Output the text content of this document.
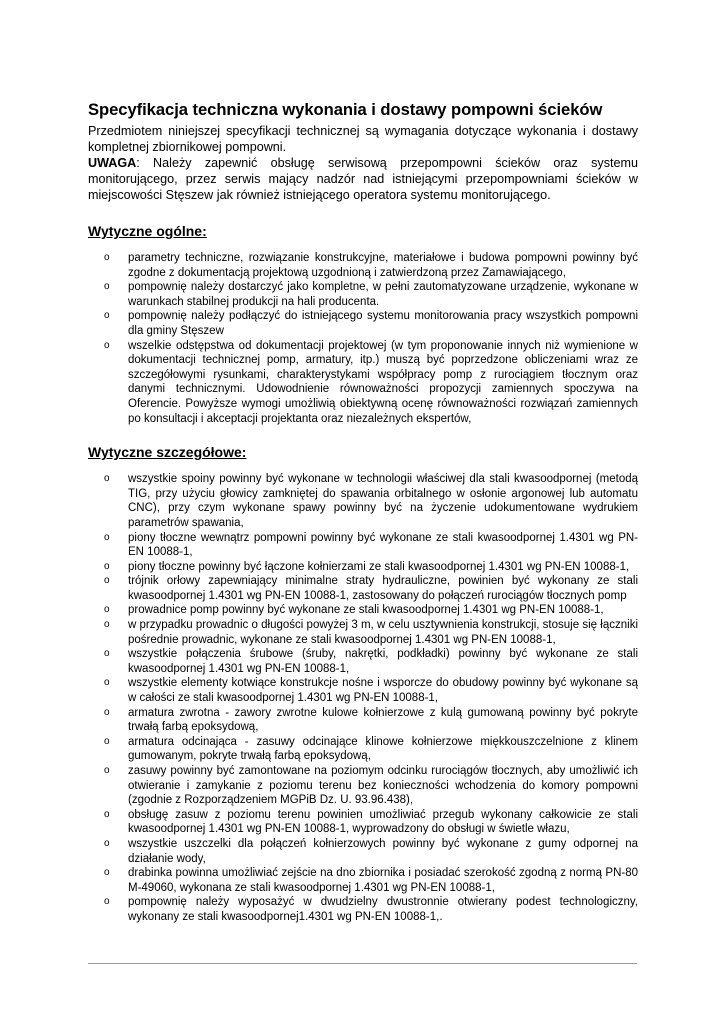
Specyfikacja techniczna wykonania i dostawy pompowni ścieków

Przedmiotem niniejszej specyfikacji technicznej są wymagania dotyczące wykonania i dostawy kompletnej zbiornikowej pompowni.

UWAGA: Należy zapewnić obsługę serwisową przepompowni ścieków oraz systemu monitorującego, przez serwis mający nadzór nad istniejącymi przepompowniami ścieków w miejscowości Stęszew jak również istniejącego operatora systemu monitorującego.

Wytyczne ogólne:
o parametry techniczne, rozwiązanie konstrukcyjne, materiałowe i budowa pompowni powinny być zgodne z dokumentacją projektową uzgodnioną i zatwierdzoną przez Zamawiającego,
o pompownię należy dostarczyć jako kompletne, w pełni zautomatyzowane urządzenie, wykonane w warunkach stabilnej produkcji na hali producenta.
o pompownię należy podłączyć do istniejącego systemu monitorowania pracy wszystkich pompowni dla gminy Stęszew
o wszelkie odstępstwa od dokumentacji projektowej (w tym proponowanie innych niż wymienione w dokumentacji technicznej pomp, armatury, itp.) muszą być poprzedzone obliczeniami wraz ze szczegółowymi rysunkami, charakterystykami współpracy pomp z rurociągiem tłocznym oraz danymi technicznymi. Udowodnienie równoważności propozycji zamiennych spoczywa na Oferencie. Powyższe wymogi umożliwią obiektywną ocenę równoważności rozwiązań zamiennych po konsultacji i akceptacji projektanta oraz niezależnych ekspertów,
Wytyczne szczegółowe:
o wszystkie spoiny powinny być wykonane w technologii właściwej dla stali kwasoodpornej (metodą TIG, przy użyciu głowicy zamkniętej do spawania orbitalnego w osłonie argonowej lub automatu CNC), przy czym wykonane spawy powinny być na życzenie udokumentowane wydrukiem parametrów spawania,
o piony tłoczne wewnątrz pompowni powinny być wykonane ze stali kwasoodpornej 1.4301 wg PN-EN 10088-1,
o piony tłoczne powinny być łączone kołnierzami ze stali kwasoodpornej 1.4301 wg PN-EN 10088-1,
o trójnik orłowy zapewniający minimalne straty hydrauliczne, powinien być wykonany ze stali kwasoodpornej 1.4301 wg PN-EN 10088-1, zastosowany do połączeń rurociągów tłocznych pomp
o prowadnice pomp powinny być wykonane ze stali kwasoodpornej 1.4301 wg PN-EN 10088-1,
o w przypadku prowadnic o długości powyżej 3 m, w celu usztywnienia konstrukcji, stosuje się łączniki pośrednie prowadnic, wykonane ze stali kwasoodpornej 1.4301 wg PN-EN 10088-1,
o wszystkie połączenia śrubowe (śruby, nakrętki, podkładki) powinny być wykonane ze stali kwasoodpornej 1.4301 wg PN-EN 10088-1,
o wszystkie elementy kotwiące konstrukcje nośne i wsporcze do obudowy powinny być wykonane są w całości ze stali kwasoodpornej 1.4301 wg PN-EN 10088-1,
o armatura zwrotna - zawory zwrotne kulowe kołnierzowe z kulą gumowaną powinny być pokryte trwałą farbą epoksydową,
o armatura odcinająca - zasuwy odcinające klinowe kołnierzowe miękkouszczelnione z klinem gumowanym, pokryte trwałą farbą epoksydową,
o zasuwy powinny być zamontowane na poziomym odcinku rurociągów tłocznych, aby umożliwić ich otwieranie i zamykanie z poziomu terenu bez konieczności wchodzenia do komory pompowni (zgodnie z Rozporządzeniem MGPiB Dz. U. 93.96.438),
o obsługę zasuw z poziomu terenu powinien umożliwiać przegub wykonany całkowicie ze stali kwasoodpornej 1.4301 wg PN-EN 10088-1, wyprowadzony do obsługi w świetle włazu,
o wszystkie uszczelki dla połączeń kołnierzowych powinny być wykonane z gumy odpornej na działanie wody,
o drabinka powinna umożliwiać zejście na dno zbiornika i posiadać szerokość zgodną z normą PN-80 M-49060, wykonana ze stali kwasoodpornej 1.4301 wg PN-EN 10088-1,
o pompownię należy wyposażyć w dwudzielny dwustronnie otwierany podest technologiczny, wykonany ze stali kwasoodpornej1.4301 wg PN-EN 10088-1,.
